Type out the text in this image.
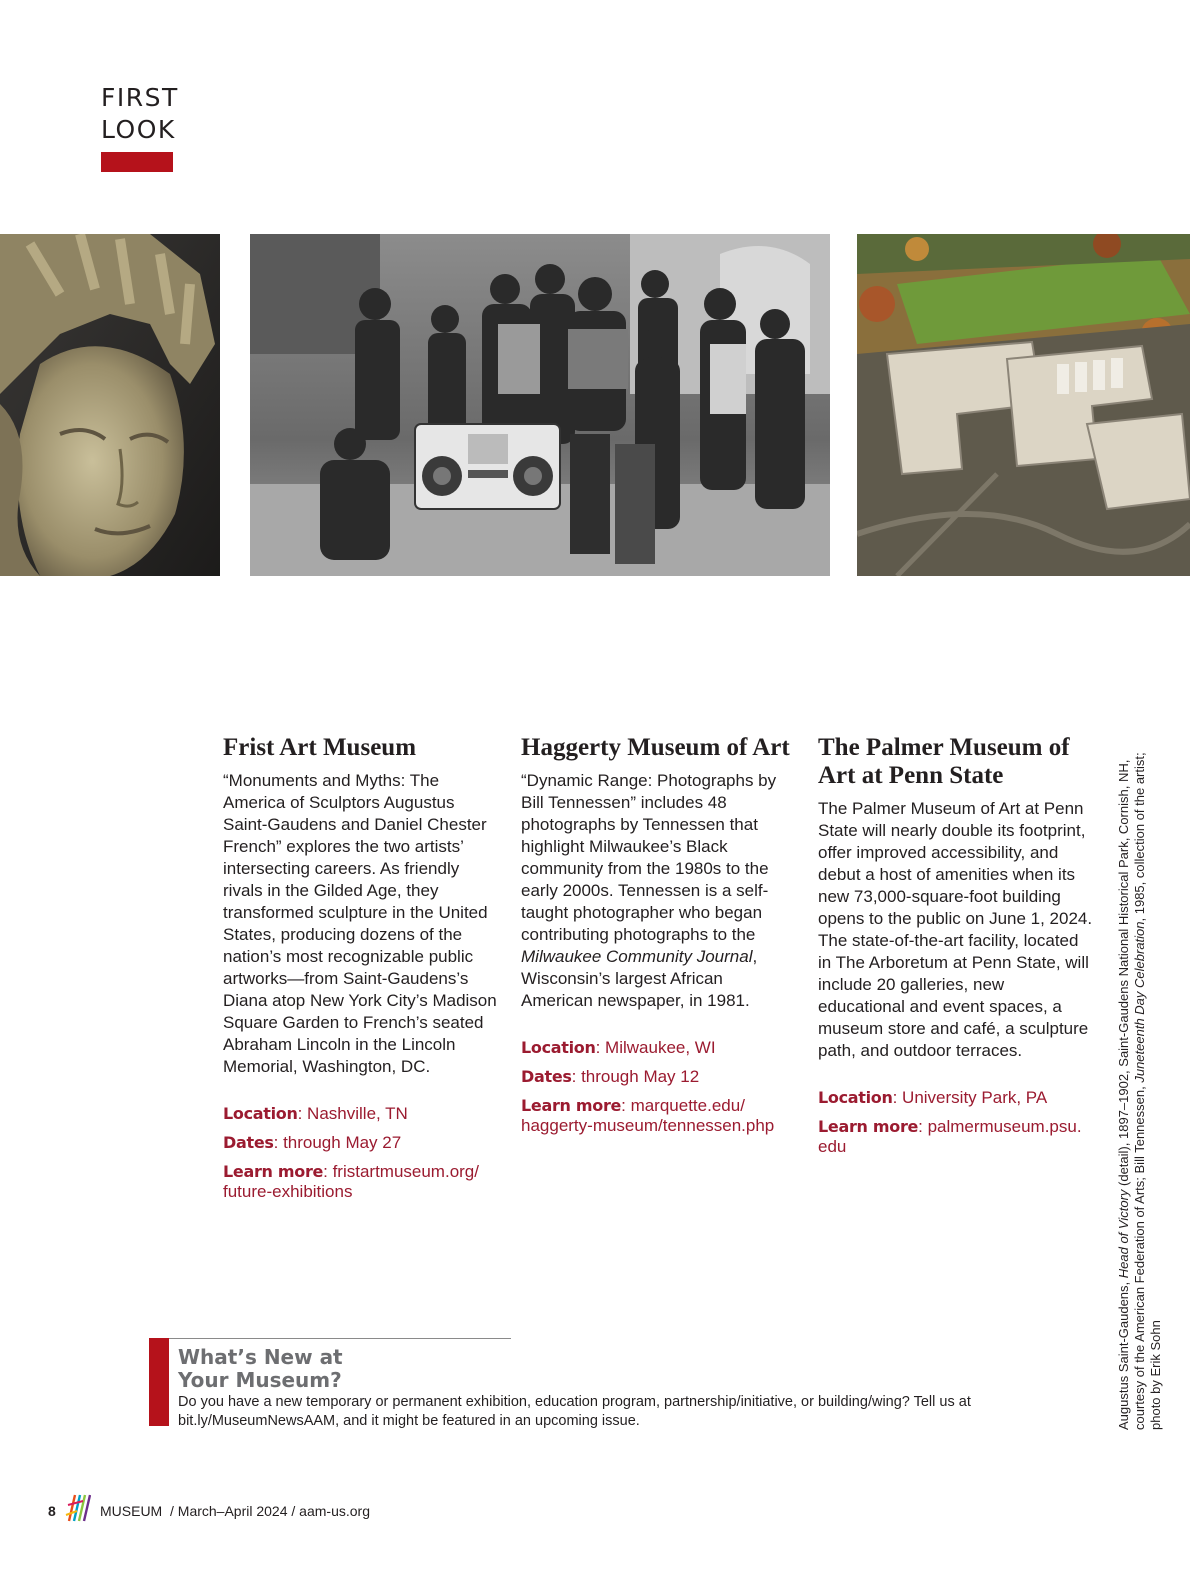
FIRST
LOOK
Frist Art Museum

“Monuments and Myths: The America of Sculptors Augustus Saint-Gaudens and Daniel Chester French” explores the two artists’ intersecting careers. As friendly rivals in the Gilded Age, they transformed sculpture in the United States, producing dozens of the nation’s most recognizable public artworks—from Saint-Gaudens’s Diana atop New York City’s Madison Square Garden to French’s seated Abraham Lincoln in the Lincoln Memorial, Washington, DC.

Location: Nashville, TN
Dates: through May 27
Learn more: fristartmuseum.org/ future-exhibitions
Haggerty Museum of Art

“Dynamic Range: Photographs by Bill Tennessen” includes 48 photographs by Tennessen that highlight Milwaukee’s Black community from the 1980s to the early 2000s. Tennessen is a self-taught photographer who began contributing photographs to the Milwaukee Community Journal, Wisconsin’s largest African American newspaper, in 1981.

Location: Milwaukee, WI
Dates: through May 12
Learn more: marquette.edu/ haggerty-museum/tennessen.php
The Palmer Museum of Art at Penn State

The Palmer Museum of Art at Penn State will nearly double its footprint, offer improved accessibility, and debut a host of amenities when its new 73,000-square-foot building opens to the public on June 1, 2024. The state-of-the-art facility, located in The Arboretum at Penn State, will include 20 galleries, new educational and event spaces, a museum store and café, a sculpture path, and outdoor terraces.

Location: University Park, PA
Learn more: palmermuseum.psu. edu
Augustus Saint-Gaudens, Head of Victory (detail), 1897–1902, Saint-Gaudens National Historical Park, Cornish, NH, courtesy of the American Federation of Arts; Bill Tennessen, Juneteenth Day Celebration, 1985, collection of the artist; photo by Erik Sohn
What’s New at Your Museum?

Do you have a new temporary or permanent exhibition, education program, partnership/initiative, or building/wing? Tell us at bit.ly/MuseumNewsAAM, and it might be featured in an upcoming issue.

8	MUSEUM / March–April 2024 / aam-us.org
